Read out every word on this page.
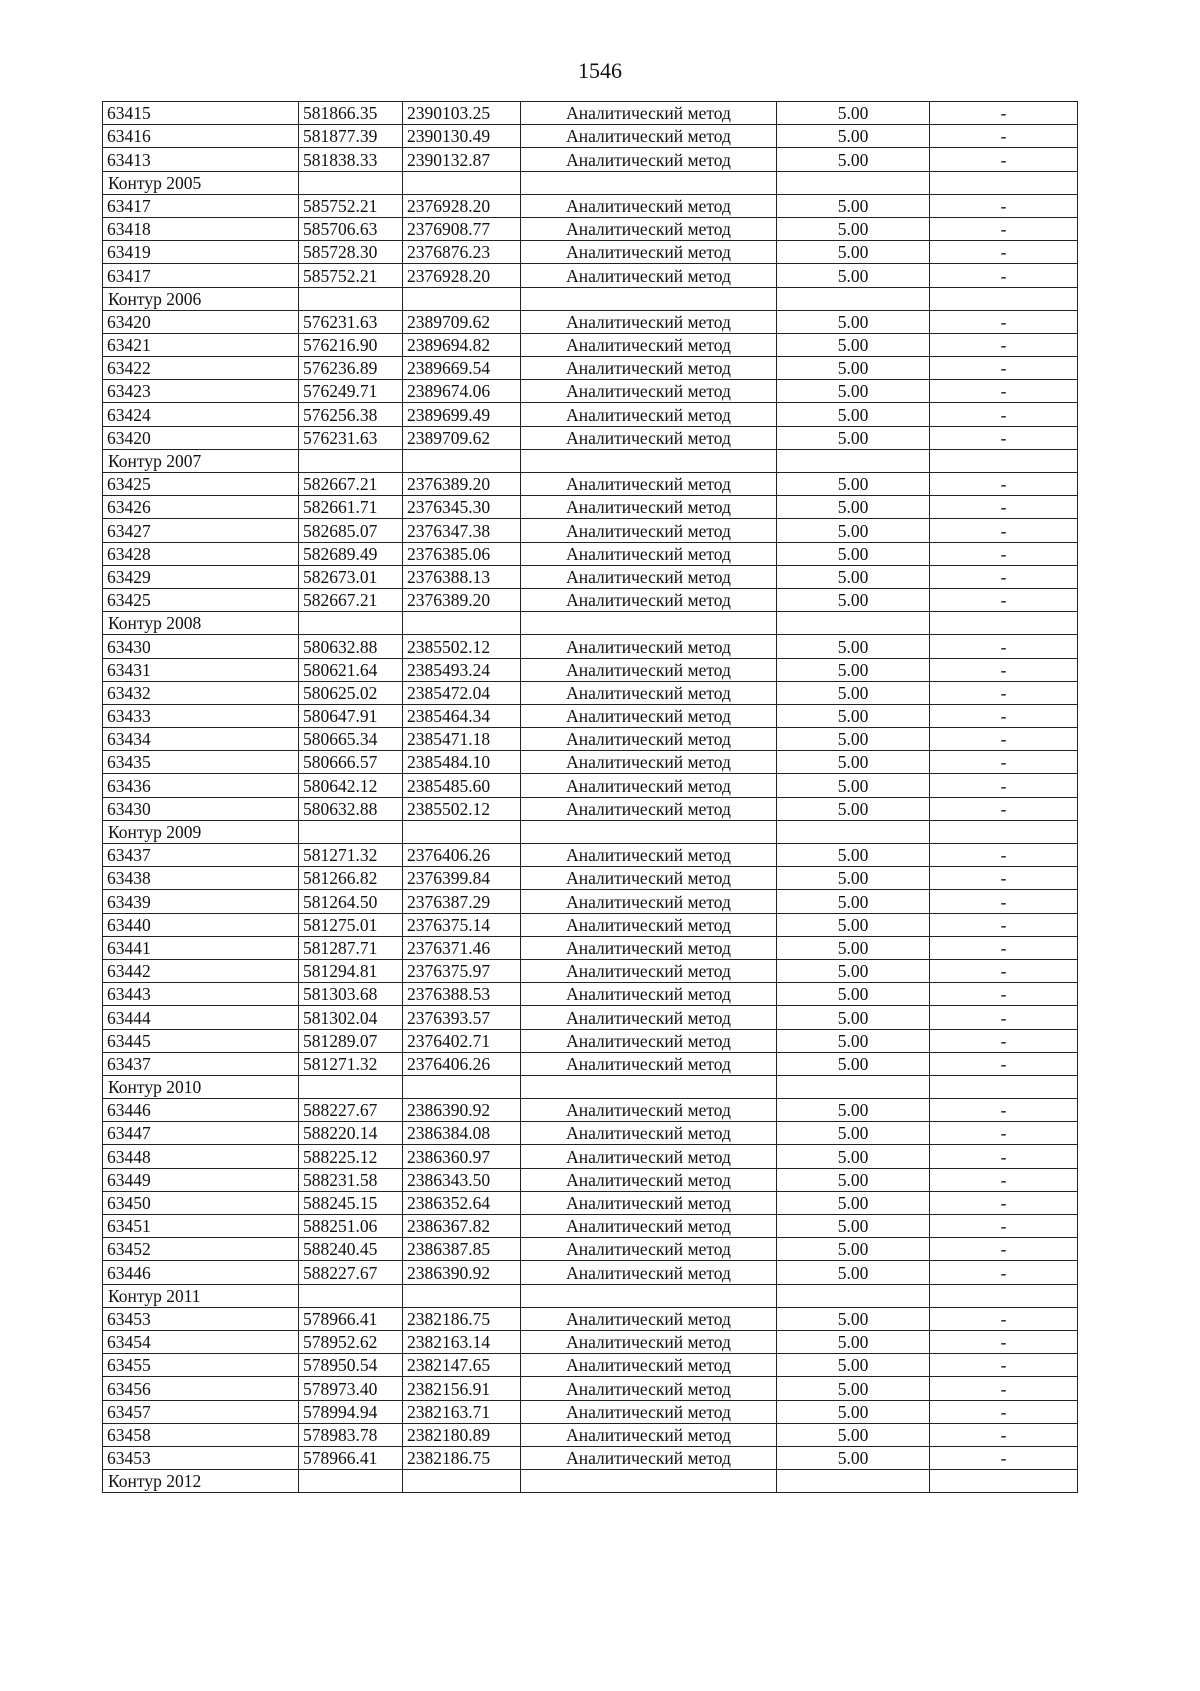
1546
63415	581866.35	2390103.25	Аналитический метод	5.00	-
63416	581877.39	2390130.49	Аналитический метод	5.00	-
63413	581838.33	2390132.87	Аналитический метод	5.00	-
Контур 2005					
63417	585752.21	2376928.20	Аналитический метод	5.00	-
63418	585706.63	2376908.77	Аналитический метод	5.00	-
63419	585728.30	2376876.23	Аналитический метод	5.00	-
63417	585752.21	2376928.20	Аналитический метод	5.00	-
Контур 2006					
63420	576231.63	2389709.62	Аналитический метод	5.00	-
63421	576216.90	2389694.82	Аналитический метод	5.00	-
63422	576236.89	2389669.54	Аналитический метод	5.00	-
63423	576249.71	2389674.06	Аналитический метод	5.00	-
63424	576256.38	2389699.49	Аналитический метод	5.00	-
63420	576231.63	2389709.62	Аналитический метод	5.00	-
Контур 2007					
63425	582667.21	2376389.20	Аналитический метод	5.00	-
63426	582661.71	2376345.30	Аналитический метод	5.00	-
63427	582685.07	2376347.38	Аналитический метод	5.00	-
63428	582689.49	2376385.06	Аналитический метод	5.00	-
63429	582673.01	2376388.13	Аналитический метод	5.00	-
63425	582667.21	2376389.20	Аналитический метод	5.00	-
Контур 2008					
63430	580632.88	2385502.12	Аналитический метод	5.00	-
63431	580621.64	2385493.24	Аналитический метод	5.00	-
63432	580625.02	2385472.04	Аналитический метод	5.00	-
63433	580647.91	2385464.34	Аналитический метод	5.00	-
63434	580665.34	2385471.18	Аналитический метод	5.00	-
63435	580666.57	2385484.10	Аналитический метод	5.00	-
63436	580642.12	2385485.60	Аналитический метод	5.00	-
63430	580632.88	2385502.12	Аналитический метод	5.00	-
Контур 2009					
63437	581271.32	2376406.26	Аналитический метод	5.00	-
63438	581266.82	2376399.84	Аналитический метод	5.00	-
63439	581264.50	2376387.29	Аналитический метод	5.00	-
63440	581275.01	2376375.14	Аналитический метод	5.00	-
63441	581287.71	2376371.46	Аналитический метод	5.00	-
63442	581294.81	2376375.97	Аналитический метод	5.00	-
63443	581303.68	2376388.53	Аналитический метод	5.00	-
63444	581302.04	2376393.57	Аналитический метод	5.00	-
63445	581289.07	2376402.71	Аналитический метод	5.00	-
63437	581271.32	2376406.26	Аналитический метод	5.00	-
Контур 2010					
63446	588227.67	2386390.92	Аналитический метод	5.00	-
63447	588220.14	2386384.08	Аналитический метод	5.00	-
63448	588225.12	2386360.97	Аналитический метод	5.00	-
63449	588231.58	2386343.50	Аналитический метод	5.00	-
63450	588245.15	2386352.64	Аналитический метод	5.00	-
63451	588251.06	2386367.82	Аналитический метод	5.00	-
63452	588240.45	2386387.85	Аналитический метод	5.00	-
63446	588227.67	2386390.92	Аналитический метод	5.00	-
Контур 2011					
63453	578966.41	2382186.75	Аналитический метод	5.00	-
63454	578952.62	2382163.14	Аналитический метод	5.00	-
63455	578950.54	2382147.65	Аналитический метод	5.00	-
63456	578973.40	2382156.91	Аналитический метод	5.00	-
63457	578994.94	2382163.71	Аналитический метод	5.00	-
63458	578983.78	2382180.89	Аналитический метод	5.00	-
63453	578966.41	2382186.75	Аналитический метод	5.00	-
Контур 2012					
